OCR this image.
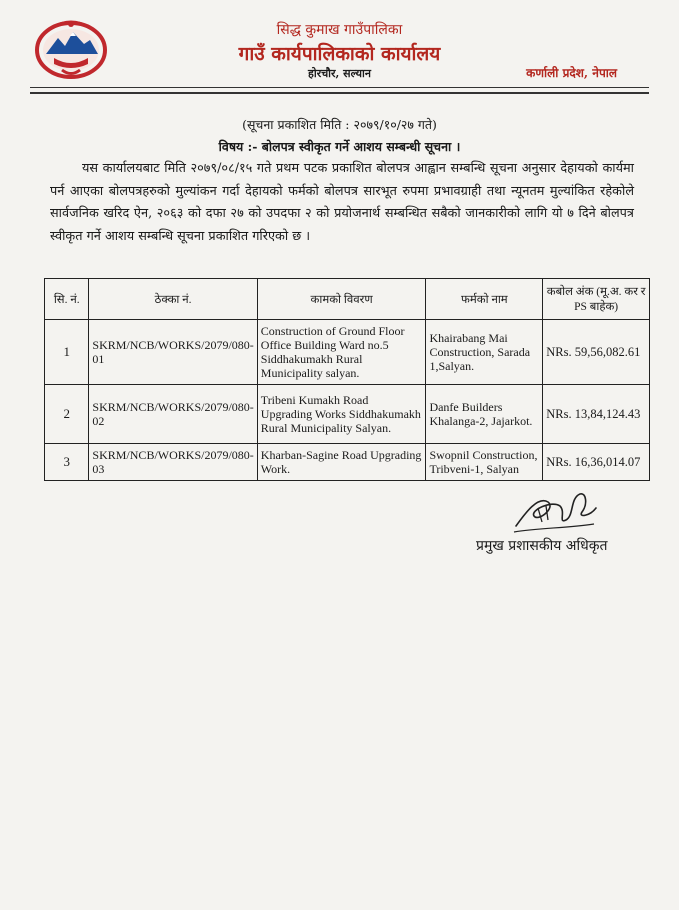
सिद्ध कुमाख गाउँपालिका
गाउँ कार्यपालिकाको कार्यालय
होरचौर, सल्यान	कर्णाली प्रदेश, नेपाल
(सूचना प्रकाशित मिति : २०७९/१०/२७ गते)
विषय :- बोलपत्र स्वीकृत गर्ने आशय सम्बन्धी सूचना ।
यस कार्यालयबाट मिति २०७९/०८/१५ गते प्रथम पटक प्रकाशित बोलपत्र आह्वान सम्बन्धि सूचना अनुसार देहायको कार्यमा पर्न आएका बोलपत्रहरुको मुल्यांकन गर्दा देहायको फर्मको बोलपत्र सारभूत रुपमा प्रभावग्राही तथा न्यूनतम मुल्यांकित रहेकोले सार्वजनिक खरिद ऐन, २०६३ को दफा २७ को उपदफा २ को प्रयोजनार्थ सम्बन्धित सबैको जानकारीको लागि यो ७ दिने बोलपत्र स्वीकृत गर्ने आशय सम्बन्धि सूचना प्रकाशित गरिएको छ ।
सि. नं.	ठेक्का नं.	कामको विवरण	फर्मको नाम	कबोल अंक (मू.अ. कर र PS बाहेक)
1	SKRM/NCB/WORKS/2079/080-01	Construction of Ground Floor Office Building Ward no.5 Siddhakumakh Rural Municipality salyan.	Khairabang Mai Construction, Sarada 1,Salyan.	NRs. 59,56,082.61
2	SKRM/NCB/WORKS/2079/080-02	Tribeni Kumakh Road Upgrading Works Siddhakumakh Rural Municipality Salyan.	Danfe Builders Khalanga-2, Jajarkot.	NRs. 13,84,124.43
3	SKRM/NCB/WORKS/2079/080-03	Kharban-Sagine Road Upgrading Work.	Swopnil Construction, Tribveni-1, Salyan	NRs. 16,36,014.07
प्रमुख प्रशासकीय अधिकृत
